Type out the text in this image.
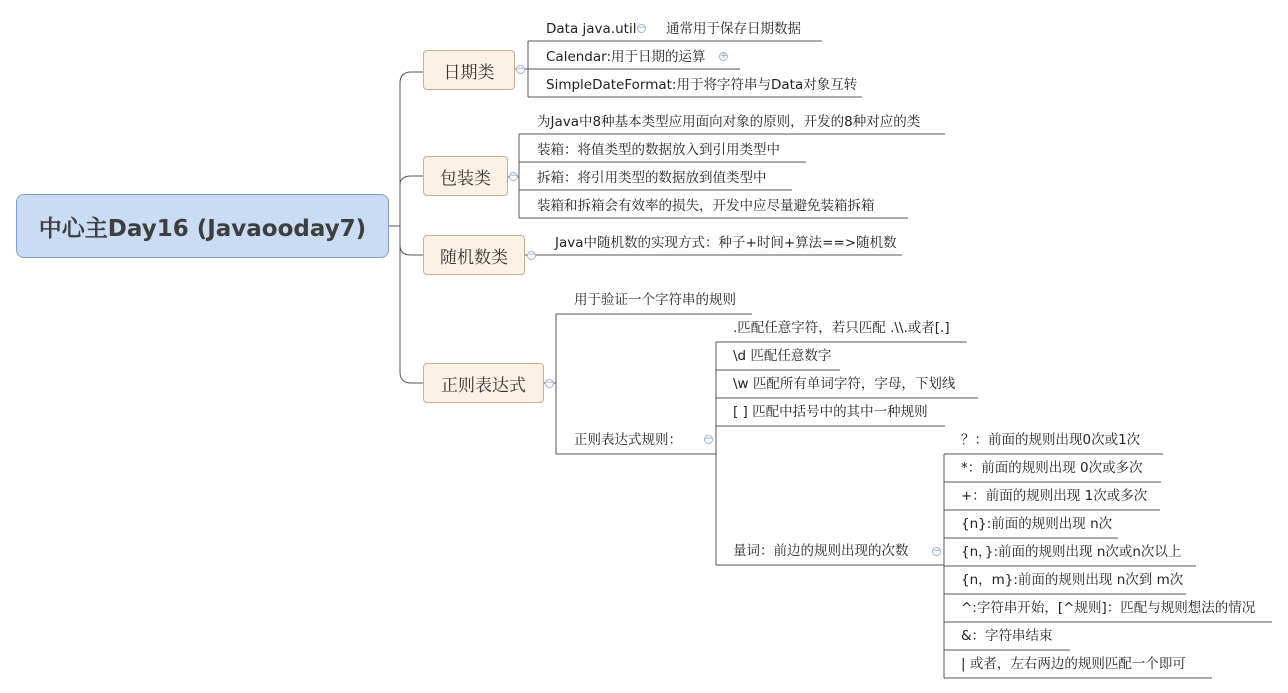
中心主Day16 (Javaooday7)
日期类	−
Data java.util − 通常用于保存日期数据
Calendar:用于日期的运算 +
SimpleDateFormat:用于将字符串与Data对象互转
包装类	−
为Java中8种基本类型应用面向对象的原则，开发的8种对应的类
装箱：将值类型的数据放入到引用类型中
拆箱：将引用类型的数据放到值类型中
装箱和拆箱会有效率的损失，开发中应尽量避免装箱拆箱
随机数类	−
Java中随机数的实现方式：种子+时间+算法==>随机数
正则表达式	−
用于验证一个字符串的规则
正则表达式规则：	−
.匹配任意字符，若只匹配 .\\.或者[.]
\d 匹配任意数字
\w 匹配所有单词字符，字母，下划线
[ ] 匹配中括号中的其中一种规则
量词：前边的规则出现的次数	−
？：前面的规则出现0次或1次
*：前面的规则出现 0次或多次
+：前面的规则出现 1次或多次
{n}:前面的规则出现 n次
{n，}:前面的规则出现 n次或n次以上
{n，m}:前面的规则出现 n次到 m次
^:字符串开始，[^规则]：匹配与规则想法的情况
&：字符串结束
| 或者，左右两边的规则匹配一个即可
